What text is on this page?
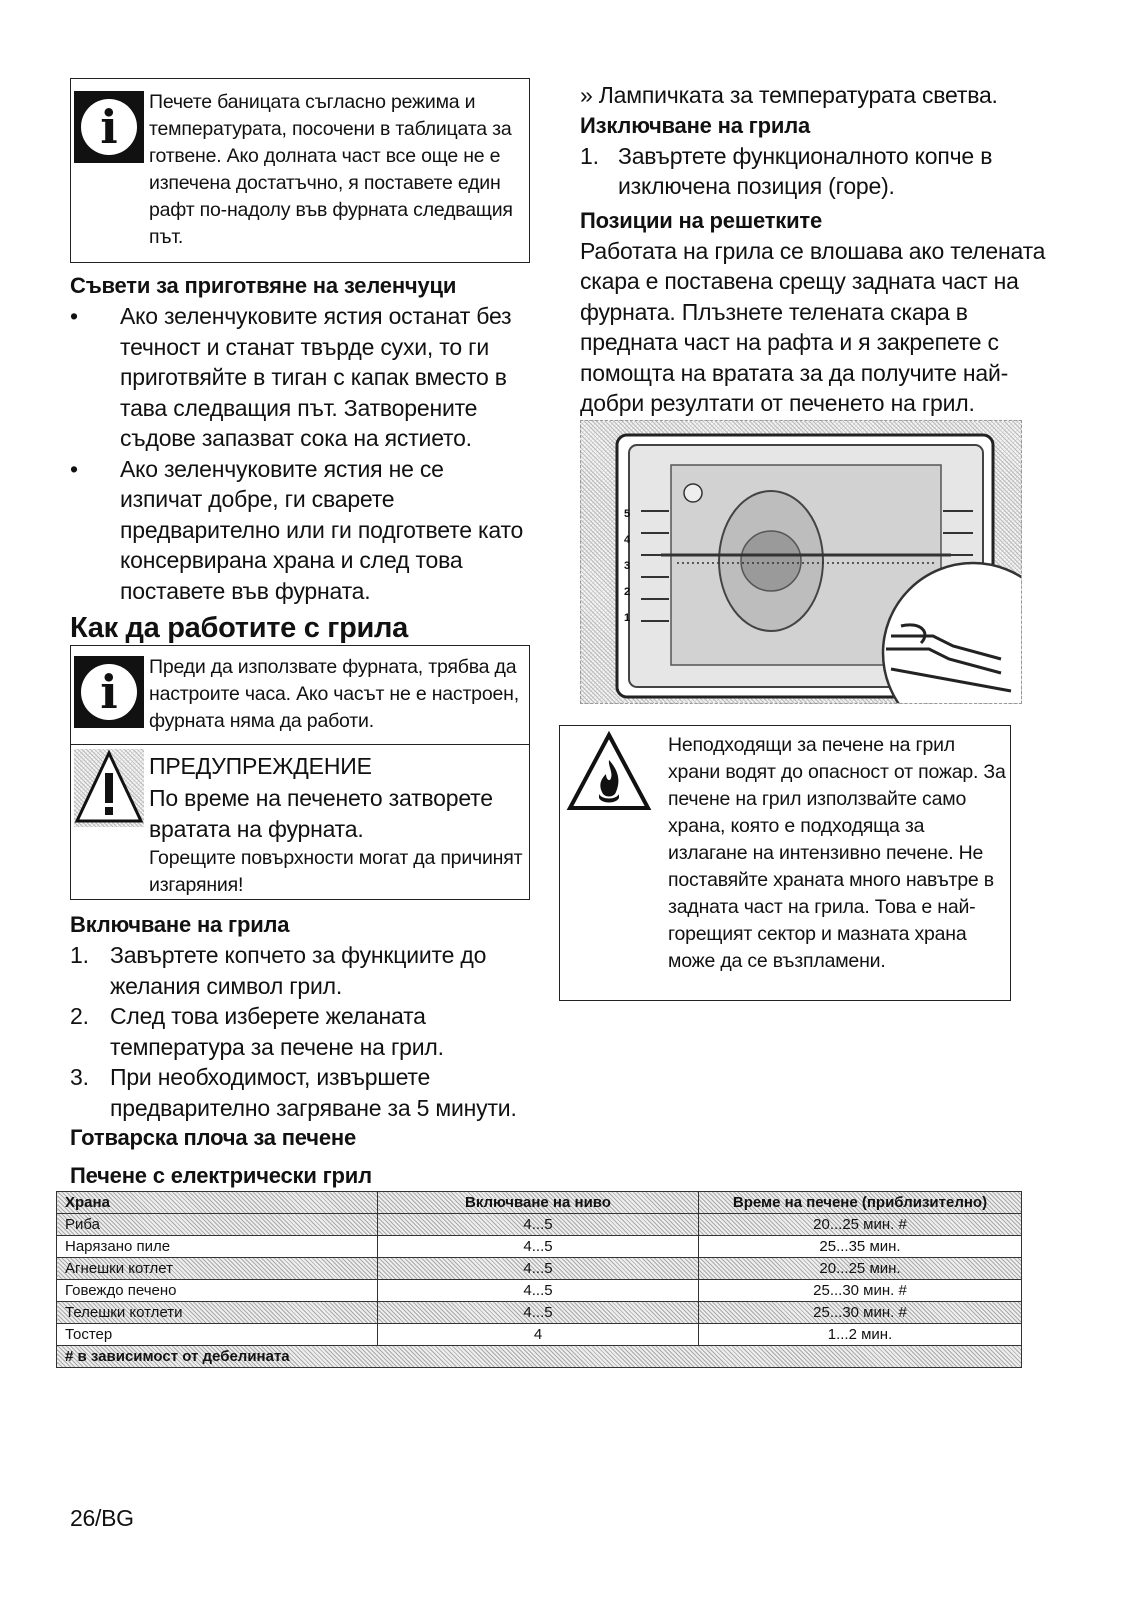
i	Печете баницата съгласно режима и температурата, посочени в таблицата за готвене. Ако долната част все още не е изпечена достатъчно, я поставете един рафт по-надолу във фурната следващия път.
Съвети за приготвяне на зеленчуци
• Ако зеленчуковите ястия останат без течност и станат твърде сухи, то ги приготвяйте в тиган с капак вместо в тава следващия път. Затворените съдове запазват сока на ястието.
• Ако зеленчуковите ястия не се изпичат добре, ги сварете предварително или ги подгответе като консервирана храна и след това поставете във фурната.
Как да работите с грила
i	Преди да използвате фурната, трябва да настроите часа. Ако часът не е настроен, фурната няма да работи.
ПРЕДУПРЕЖДЕНИЕ
По време на печенето затворете вратата на фурната.
Горещите повърхности могат да причинят изгаряния!
Включване на грила
1. Завъртете копчето за функциите до желания символ грил.
2. След това изберете желаната температура за печене на грил.
3. При необходимост, извършете предварително загряване за 5 минути.
» Лампичката за температурата светва.
Изключване на грила
1. Завъртете функционалното копче в изключена позиция (горе).
Позиции на решетките
Работата на грила се влошава ако телената скара е поставена срещу задната част на фурната. Плъзнете телената скара в предната част на рафта и я закрепете с помощта на вратата за да получите най-добри резултати от печенето на грил.
5
4
3
2
1
Неподходящи за печене на грил храни водят до опасност от пожар. За печене на грил използвайте само храна, която е подходяща за излагане на интензивно печене. Не поставяйте храната много навътре в задната част на грила. Това е най-горещият сектор и мазната храна може да се възпламени.
Готварска плоча за печене
Печене с електрически грил
Храна	Включване на ниво	Време на печене (приблизително)
Риба	4...5	20...25 мин. #
Нарязано пиле	4...5	25...35 мин.
Агнешки котлет	4...5	20...25 мин.
Говеждо печено	4...5	25...30 мин. #
Телешки котлети	4...5	25...30 мин. #
Тостер	4	1...2 мин.
# в зависимост от дебелината		
26/BG
